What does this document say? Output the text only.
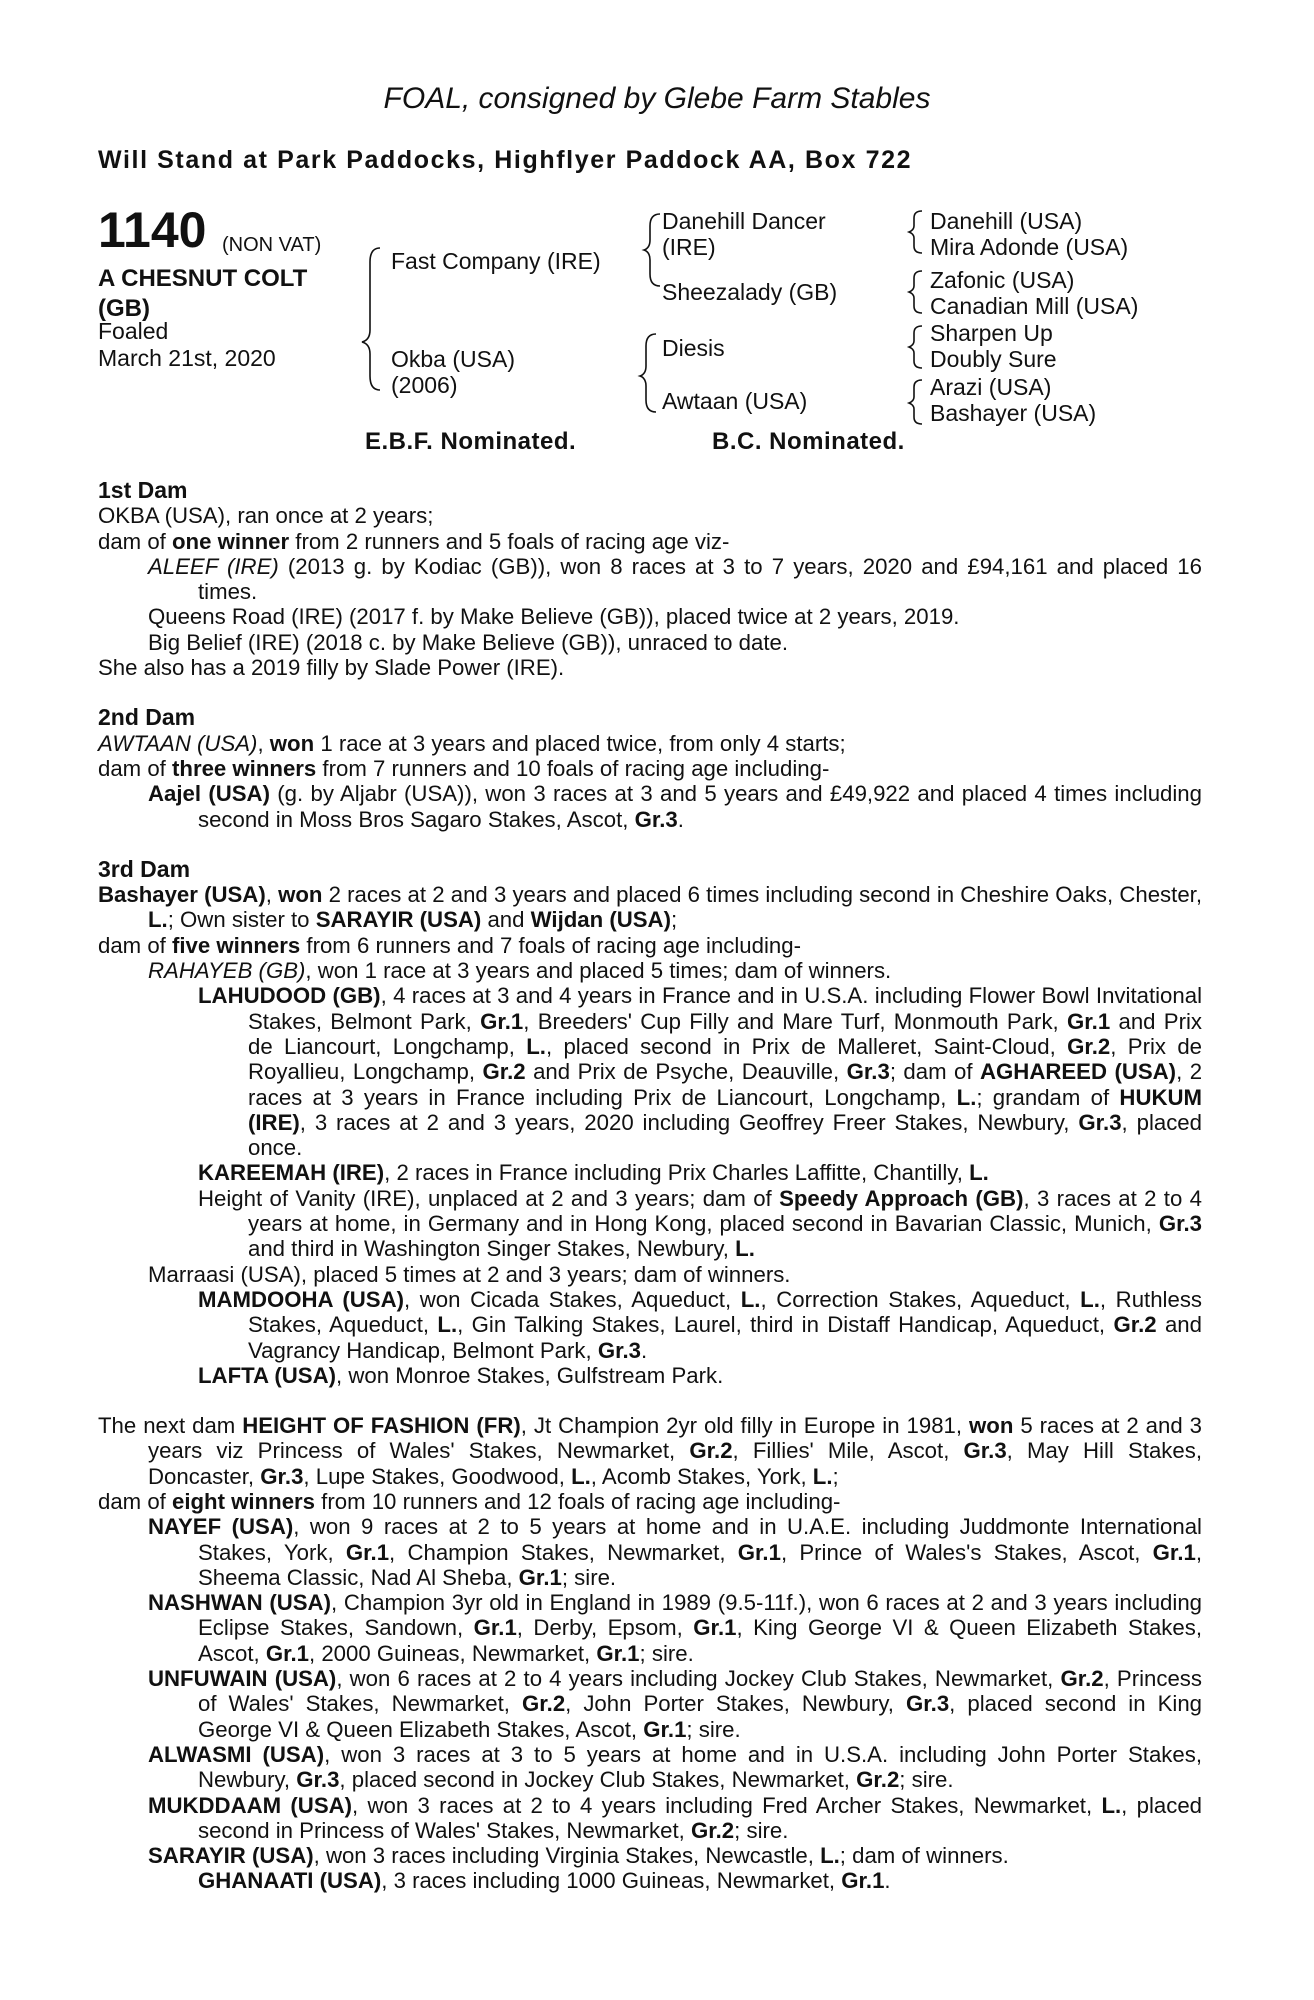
FOAL, consigned by Glebe Farm Stables
Will Stand at Park Paddocks, Highflyer Paddock AA, Box 722
1140 (NON VAT)
A CHESNUT COLT
(GB)
Foaled
March 21st, 2020
Fast Company (IRE)
Okba (USA)
(2006)
Danehill Dancer
(IRE)
Sheezalady (GB)
Diesis
Awtaan (USA)
Danehill (USA)
Mira Adonde (USA)
Zafonic (USA)
Canadian Mill (USA)
Sharpen Up
Doubly Sure
Arazi (USA)
Bashayer (USA)
E.B.F. Nominated.	B.C. Nominated.

1st Dam

OKBA (USA), ran once at 2 years;

dam of one winner from 2 runners and 5 foals of racing age viz-

ALEEF (IRE) (2013 g. by Kodiac (GB)), won 8 races at 3 to 7 years, 2020 and £94,161 and placed 16 times.

Queens Road (IRE) (2017 f. by Make Believe (GB)), placed twice at 2 years, 2019.

Big Belief (IRE) (2018 c. by Make Believe (GB)), unraced to date.

She also has a 2019 filly by Slade Power (IRE).

2nd Dam

AWTAAN (USA), won 1 race at 3 years and placed twice, from only 4 starts;

dam of three winners from 7 runners and 10 foals of racing age including-

Aajel (USA) (g. by Aljabr (USA)), won 3 races at 3 and 5 years and £49,922 and placed 4 times including second in Moss Bros Sagaro Stakes, Ascot, Gr.3.

3rd Dam

Bashayer (USA), won 2 races at 2 and 3 years and placed 6 times including second in Cheshire Oaks, Chester, L.; Own sister to SARAYIR (USA) and Wijdan (USA);

dam of five winners from 6 runners and 7 foals of racing age including-

RAHAYEB (GB), won 1 race at 3 years and placed 5 times; dam of winners.

LAHUDOOD (GB), 4 races at 3 and 4 years in France and in U.S.A. including Flower Bowl Invitational Stakes, Belmont Park, Gr.1, Breeders' Cup Filly and Mare Turf, Monmouth Park, Gr.1 and Prix de Liancourt, Longchamp, L., placed second in Prix de Malleret, Saint-Cloud, Gr.2, Prix de Royallieu, Longchamp, Gr.2 and Prix de Psyche, Deauville, Gr.3; dam of AGHAREED (USA), 2 races at 3 years in France including Prix de Liancourt, Longchamp, L.; grandam of HUKUM (IRE), 3 races at 2 and 3 years, 2020 including Geoffrey Freer Stakes, Newbury, Gr.3, placed once.

KAREEMAH (IRE), 2 races in France including Prix Charles Laffitte, Chantilly, L.

Height of Vanity (IRE), unplaced at 2 and 3 years; dam of Speedy Approach (GB), 3 races at 2 to 4 years at home, in Germany and in Hong Kong, placed second in Bavarian Classic, Munich, Gr.3 and third in Washington Singer Stakes, Newbury, L.

Marraasi (USA), placed 5 times at 2 and 3 years; dam of winners.

MAMDOOHA (USA), won Cicada Stakes, Aqueduct, L., Correction Stakes, Aqueduct, L., Ruthless Stakes, Aqueduct, L., Gin Talking Stakes, Laurel, third in Distaff Handicap, Aqueduct, Gr.2 and Vagrancy Handicap, Belmont Park, Gr.3.

LAFTA (USA), won Monroe Stakes, Gulfstream Park.

The next dam HEIGHT OF FASHION (FR), Jt Champion 2yr old filly in Europe in 1981, won 5 races at 2 and 3 years viz Princess of Wales' Stakes, Newmarket, Gr.2, Fillies' Mile, Ascot, Gr.3, May Hill Stakes, Doncaster, Gr.3, Lupe Stakes, Goodwood, L., Acomb Stakes, York, L.;

dam of eight winners from 10 runners and 12 foals of racing age including-

NAYEF (USA), won 9 races at 2 to 5 years at home and in U.A.E. including Juddmonte International Stakes, York, Gr.1, Champion Stakes, Newmarket, Gr.1, Prince of Wales's Stakes, Ascot, Gr.1, Sheema Classic, Nad Al Sheba, Gr.1; sire.

NASHWAN (USA), Champion 3yr old in England in 1989 (9.5-11f.), won 6 races at 2 and 3 years including Eclipse Stakes, Sandown, Gr.1, Derby, Epsom, Gr.1, King George VI & Queen Elizabeth Stakes, Ascot, Gr.1, 2000 Guineas, Newmarket, Gr.1; sire.

UNFUWAIN (USA), won 6 races at 2 to 4 years including Jockey Club Stakes, Newmarket, Gr.2, Princess of Wales' Stakes, Newmarket, Gr.2, John Porter Stakes, Newbury, Gr.3, placed second in King George VI & Queen Elizabeth Stakes, Ascot, Gr.1; sire.

ALWASMI (USA), won 3 races at 3 to 5 years at home and in U.S.A. including John Porter Stakes, Newbury, Gr.3, placed second in Jockey Club Stakes, Newmarket, Gr.2; sire.

MUKDDAAM (USA), won 3 races at 2 to 4 years including Fred Archer Stakes, Newmarket, L., placed second in Princess of Wales' Stakes, Newmarket, Gr.2; sire.

SARAYIR (USA), won 3 races including Virginia Stakes, Newcastle, L.; dam of winners.

GHANAATI (USA), 3 races including 1000 Guineas, Newmarket, Gr.1.
